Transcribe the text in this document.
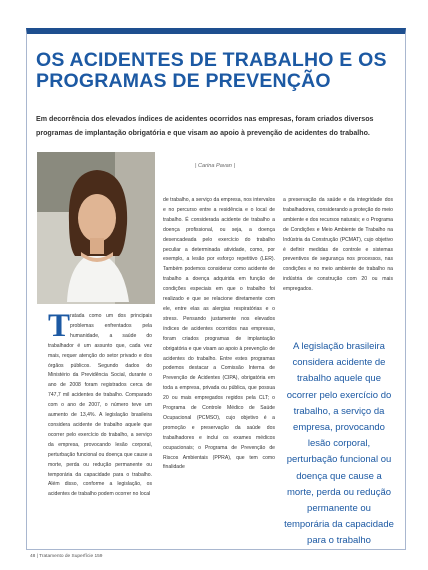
OS ACIDENTES DE TRABALHO E OS
PROGRAMAS DE PREVENÇÃO

Em decorrência dos elevados índices de acidentes ocorridos nas empresas, foram criados diversos programas de implantação obrigatória e que visam ao apoio à prevenção de acidentes do trabalho.

| Carina Pavan |

T ratada como um dos principais problemas enfrentados pela humanidade, a saúde do trabalhador é um assunto que, cada vez mais, requer atenção do setor privado e dos órgãos públicos. Segundo dados do Ministério da Previdência Social, durante o ano de 2008 foram registrados cerca de 747,7 mil acidentes de trabalho. Comparado com o ano de 2007, o número teve um aumento de 13,4%. A legislação brasileira considera acidente de trabalho aquele que ocorrer pelo exercício do trabalho, a serviço da empresa, provocando lesão corporal, perturbação funcional ou doença que cause a morte, perda ou redução permanente ou temporária da capacidade para o trabalho. Além disso, conforme a legislação, os acidentes de trabalho podem ocorrer no local

de trabalho, a serviço da empresa, nos intervalos e no percurso entre a residência e o local de trabalho. É considerada acidente de trabalho a doença profissional, ou seja, a doença desencadeada pelo exercício do trabalho peculiar a determinada atividade, como, por exemplo, a lesão por esforço repetitivo (LER). Também podemos considerar como acidente de trabalho a doença adquirida em função de condições especiais em que o trabalho foi realizado e que se relacione diretamente com ele, entre elas as alergias respiratórias e o stress. Pensando justamente nos elevados índices de acidentes ocorridos nas empresas, foram criados programas de implantação obrigatória e que visam ao apoio à prevenção de acidentes do trabalho. Entre estes programas podemos destacar a Comissão Interna de Prevenção de Acidentes (CIPA), obrigatória em toda a empresa, privada ou pública, que possua 20 ou mais empregados regidos pela CLT; o Programa de Controle Médico de Saúde Ocupacional (PCMSO), cujo objetivo é a promoção e preservação da saúde dos trabalhadores e inclui os exames médicos ocupacionais; o Programa de Prevenção de Riscos Ambientais (PPRA), que tem como finalidade

a preservação da saúde e da integridade dos trabalhadores, considerando a proteção do meio ambiente e dos recursos naturais; e o Programa de Condições e Meio Ambiente de Trabalho na Indústria da Construção (PCMAT), cujo objetivo é definir medidas de controle e sistemas preventivos de segurança nos processos, nas condições e no meio ambiente de trabalho na indústria de construção com 20 ou mais empregados.

A legislação brasileira considera acidente de trabalho aquele que ocorrer pelo exercício do trabalho, a serviço da empresa, provocando lesão corporal, perturbação funcional ou doença que cause a morte, perda ou redução permanente ou temporária da capacidade para o trabalho

48 | Tratamento de Superfície 159
